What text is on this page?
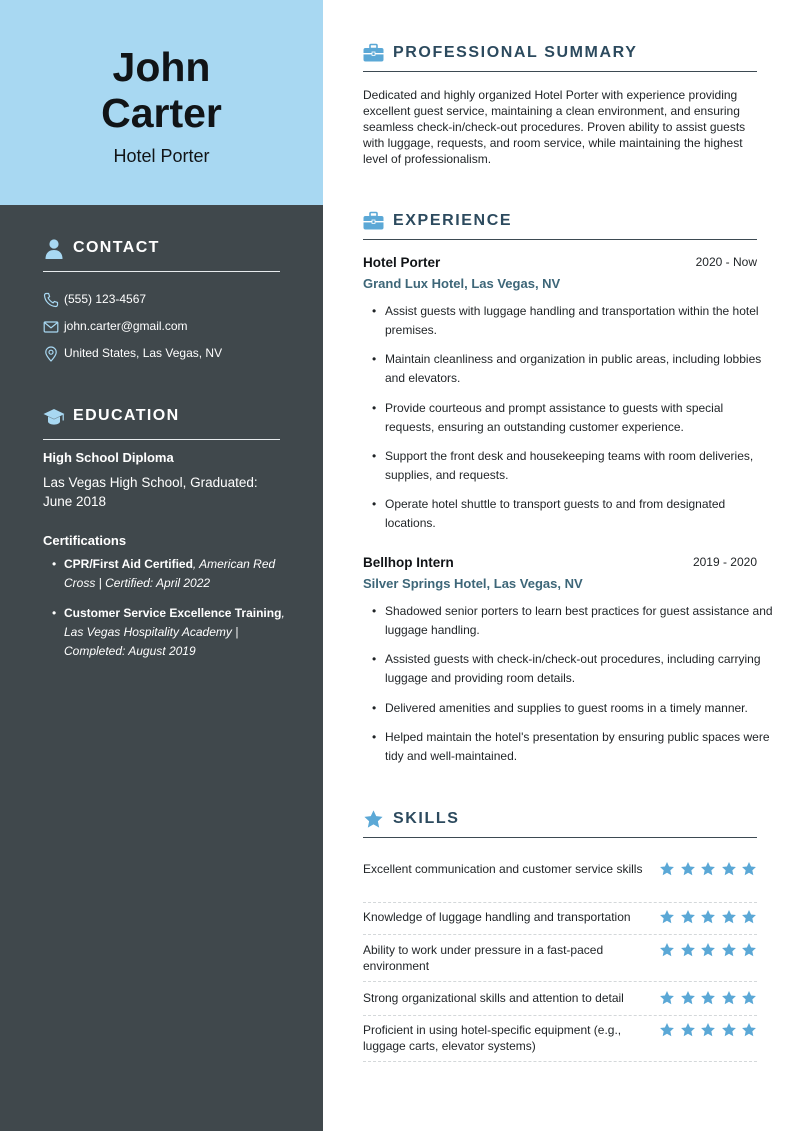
John
Carter
Hotel Porter
CONTACT
(555) 123-4567
john.carter@gmail.com
United States, Las Vegas, NV
EDUCATION
High School Diploma
Las Vegas High School, Graduated: June 2018
Certifications
• CPR/First Aid Certified, American Red Cross | Certified: April 2022
• Customer Service Excellence Training, Las Vegas Hospitality Academy | Completed: August 2019
PROFESSIONAL SUMMARY

Dedicated and highly organized Hotel Porter with experience providing excellent guest service, maintaining a clean environment, and ensuring seamless check-in/check-out procedures. Proven ability to assist guests with luggage, requests, and room service, while maintaining the highest level of professionalism.

EXPERIENCE
Hotel Porter	2020 - Now
Grand Lux Hotel, Las Vegas, NV
• Assist guests with luggage handling and transportation within the hotel premises.
• Maintain cleanliness and organization in public areas, including lobbies and elevators.
• Provide courteous and prompt assistance to guests with special requests, ensuring an outstanding customer experience.
• Support the front desk and housekeeping teams with room deliveries, supplies, and requests.
• Operate hotel shuttle to transport guests to and from designated locations.
Bellhop Intern	2019 - 2020
Silver Springs Hotel, Las Vegas, NV
• Shadowed senior porters to learn best practices for guest assistance and luggage handling.
• Assisted guests with check-in/check-out procedures, including carrying luggage and providing room details.
• Delivered amenities and supplies to guest rooms in a timely manner.
• Helped maintain the hotel's presentation by ensuring public spaces were tidy and well-maintained.
SKILLS
Excellent communication and customer service skills
Knowledge of luggage handling and transportation
Ability to work under pressure in a fast-paced environment
Strong organizational skills and attention to detail
Proficient in using hotel-specific equipment (e.g., luggage carts, elevator systems)
